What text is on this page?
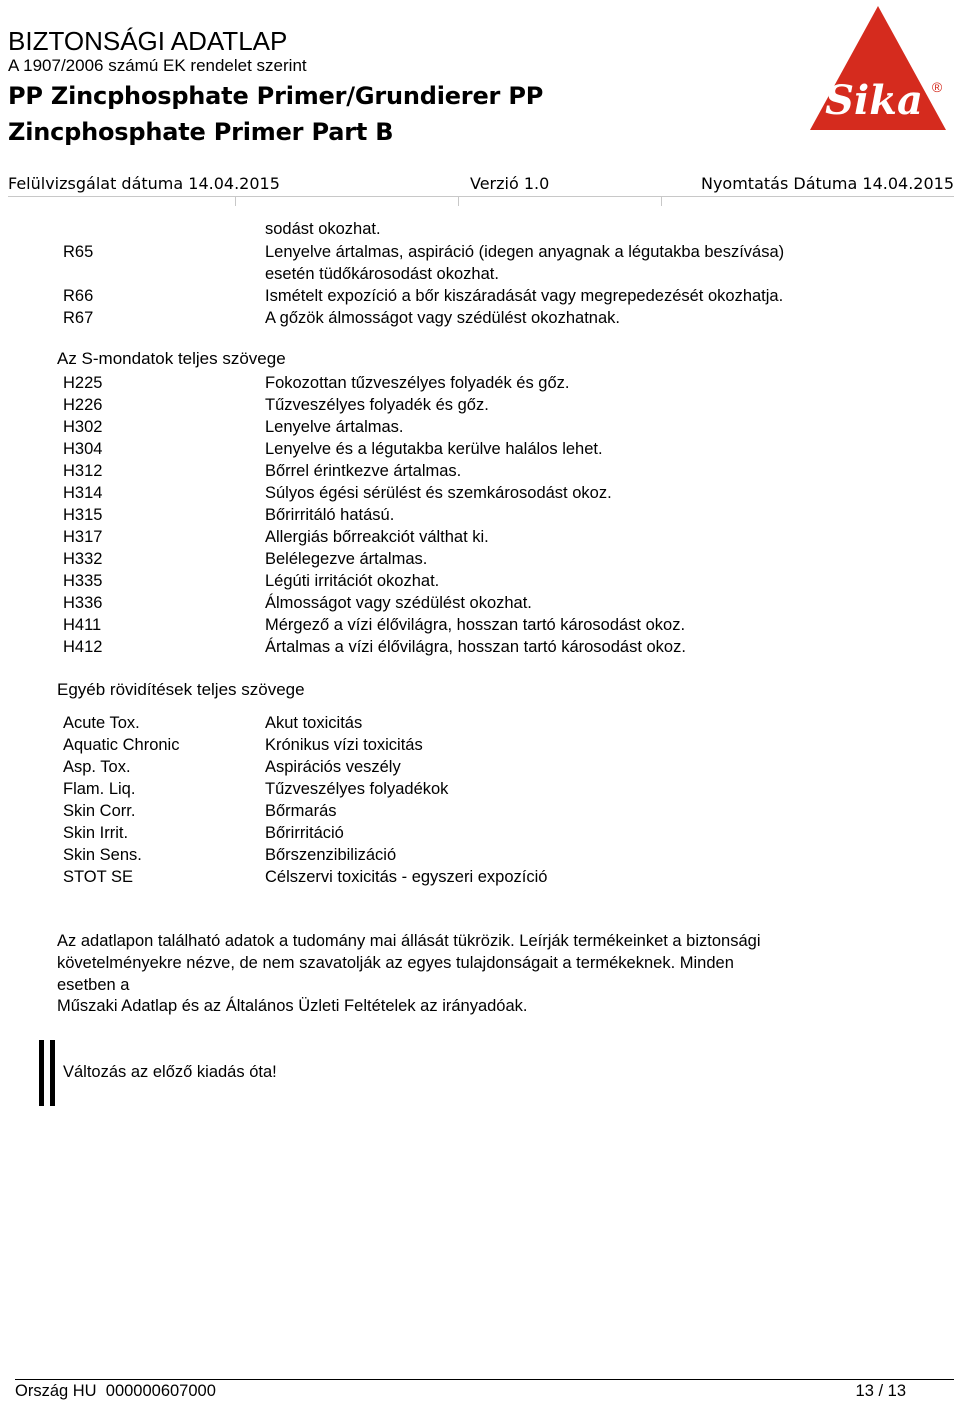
BIZTONSÁGI ADATLAP
A 1907/2006 számú EK rendelet szerint
PP Zincphosphate Primer/Grundierer PP
Zincphosphate Primer Part B
Sika ®
Felülvizsgálat dátuma 14.04.2015	Verzió 1.0	Nyomtatás Dátuma 14.04.2015
sodást okozhat.
R65	Lenyelve ártalmas, aspiráció (idegen anyagnak a légutakba beszívása)
esetén tüdőkárosodást okozhat.
R66	Ismételt expozíció a bőr kiszáradását vagy megrepedezését okozhatja.
R67	A gőzök álmosságot vagy szédülést okozhatnak.
Az S-mondatok teljes szövege
H225	Fokozottan tűzveszélyes folyadék és gőz.
H226	Tűzveszélyes folyadék és gőz.
H302	Lenyelve ártalmas.
H304	Lenyelve és a légutakba kerülve halálos lehet.
H312	Bőrrel érintkezve ártalmas.
H314	Súlyos égési sérülést és szemkárosodást okoz.
H315	Bőrirritáló hatású.
H317	Allergiás bőrreakciót válthat ki.
H332	Belélegezve ártalmas.
H335	Légúti irritációt okozhat.
H336	Álmosságot vagy szédülést okozhat.
H411	Mérgező a vízi élővilágra, hosszan tartó károsodást okoz.
H412	Ártalmas a vízi élővilágra, hosszan tartó károsodást okoz.
Egyéb rövidítések teljes szövege
Acute Tox.	Akut toxicitás
Aquatic Chronic	Krónikus vízi toxicitás
Asp. Tox.	Aspirációs veszély
Flam. Liq.	Tűzveszélyes folyadékok
Skin Corr.	Bőrmarás
Skin Irrit.	Bőrirritáció
Skin Sens.	Bőrszenzibilizáció
STOT SE	Célszervi toxicitás - egyszeri expozíció
Az adatlapon található adatok a tudomány mai állását tükrözik. Leírják termékeinket a biztonsági
követelményekre nézve, de nem szavatolják az egyes tulajdonságait a termékeknek. Minden
esetben a
Műszaki Adatlap és az Általános Üzleti Feltételek az irányadóak.
Változás az előző kiadás óta!
Ország HU  000000607000	13 / 13
